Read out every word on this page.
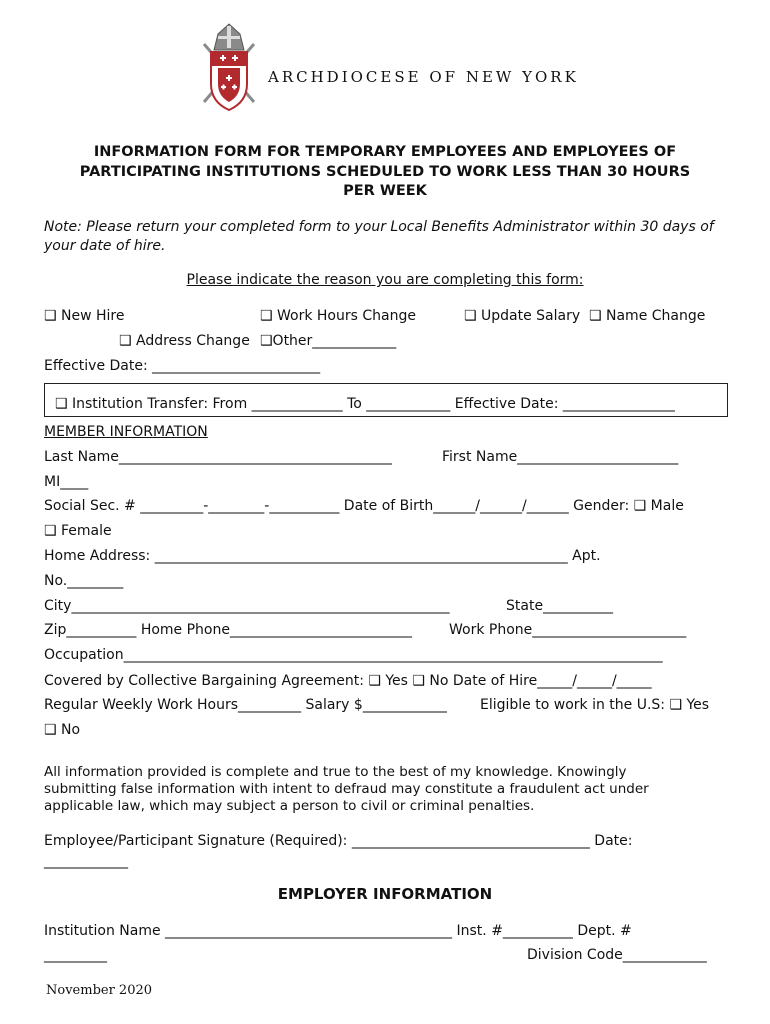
ARCHDIOCESE OF NEW YORK
INFORMATION FORM FOR TEMPORARY EMPLOYEES AND EMPLOYEES OF
PARTICIPATING INSTITUTIONS SCHEDULED TO WORK LESS THAN 30 HOURS
PER WEEK
Note: Please return your completed form to your Local Benefits Administrator within 30 days of
your date of hire.
Please indicate the reason you are completing this form:
❑ New Hire	❑ Work Hours Change	❑ Update Salary ❑ Name Change
❑ Address Change ❑Other____________
Effective Date: ________________________
❑ Institution Transfer: From _____________ To ____________ Effective Date: ________________
MEMBER INFORMATION
Last Name_______________________________________	First Name_______________________
MI____
Social Sec. # _________-________-__________ Date of Birth______/______/______ Gender: ❑ Male
❑ Female
Home Address: ___________________________________________________________ Apt.
No.________
City______________________________________________________	State__________
Zip__________ Home Phone__________________________	Work Phone______________________
Occupation_____________________________________________________________________________
Covered by Collective Bargaining Agreement: ❑ Yes ❑ No Date of Hire_____/_____/_____
Regular Weekly Work Hours_________ Salary $____________ Eligible to work in the U.S: ❑ Yes
❑ No
All information provided is complete and true to the best of my knowledge. Knowingly
submitting false information with intent to defraud may constitute a fraudulent act under
applicable law, which may subject a person to civil or criminal penalties.
Employee/Participant Signature (Required): __________________________________ Date:
____________
EMPLOYER INFORMATION
Institution Name _________________________________________ Inst. #__________ Dept. #
_________	Division Code____________
November 2020
